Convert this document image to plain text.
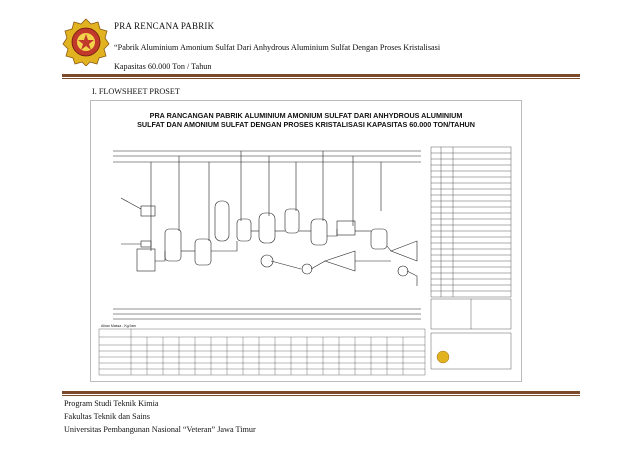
PRA RENCANA PABRIK
“Pabrik Aluminium Amonium Sulfat Dari Anhydrous Aluminium Sulfat Dengan Proses Kristalisasi
Kapasitas 60.000 Ton / Tahun
I. FLOWSHEET PROSET
PRA RANCANGAN PABRIK ALUMINIUM AMONIUM SULFAT DARI ANHYDROUS ALUMINIUM
SULFAT DAN AMONIUM SULFAT DENGAN PROSES KRISTALISASI KAPASITAS 60.000 TON/TAHUN
Aliran Massa - Kg/Jam
Program Studi Teknik Kimia
Fakultas Teknik dan Sains
Universitas Pembangunan Nasional “Veteran” Jawa Timur
